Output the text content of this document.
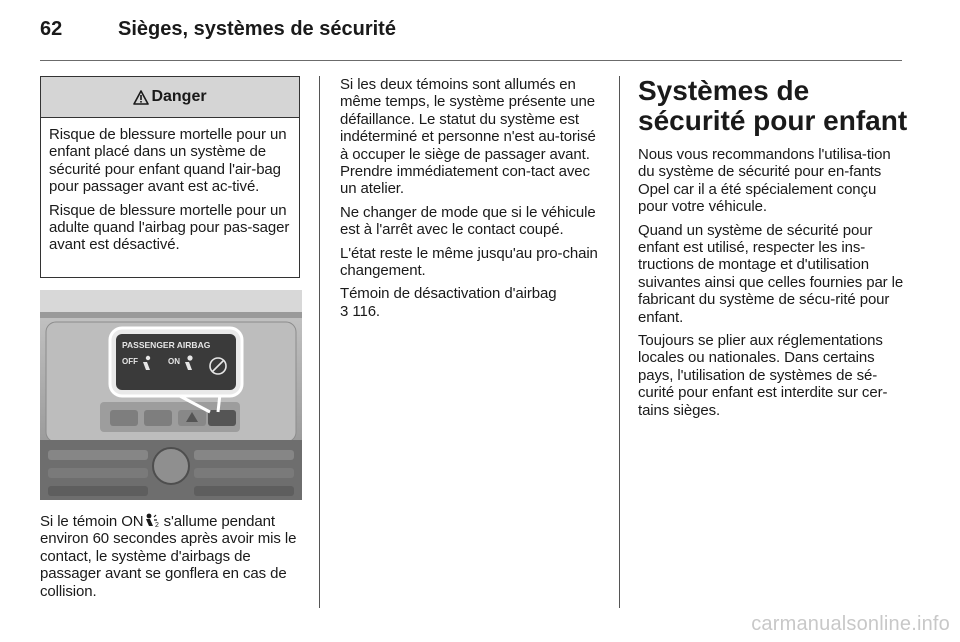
62	Sièges, systèmes de sécurité
Danger

Risque de blessure mortelle pour un enfant placé dans un système de sécurité pour enfant quand l'air-bag pour passager avant est ac-tivé.

Risque de blessure mortelle pour un adulte quand l'airbag pour pas-sager avant est désactivé.

PASSENGER AIRBAG
OFF	ON

Si le témoin ON 2 s'allume pendant environ 60 secondes après avoir mis le contact, le système d'airbags de passager avant se gonflera en cas de collision.

Si les deux témoins sont allumés en même temps, le système présente une défaillance. Le statut du système est indéterminé et personne n'est au-torisé à occuper le siège de passager avant. Prendre immédiatement con-tact avec un atelier.

Ne changer de mode que si le véhicule est à l'arrêt avec le contact coupé.

L'état reste le même jusqu'au pro-chain changement.

Témoin de désactivation d'airbag
3 116.

Systèmes de sécurité pour enfant

Nous vous recommandons l'utilisa-tion du système de sécurité pour en-fants Opel car il a été spécialement conçu pour votre véhicule.

Quand un système de sécurité pour enfant est utilisé, respecter les ins-tructions de montage et d'utilisation suivantes ainsi que celles fournies par le fabricant du système de sécu-rité pour enfant.

Toujours se plier aux réglementations locales ou nationales. Dans certains pays, l'utilisation de systèmes de sé-curité pour enfant est interdite sur cer-tains sièges.

carmanualsonline.info
